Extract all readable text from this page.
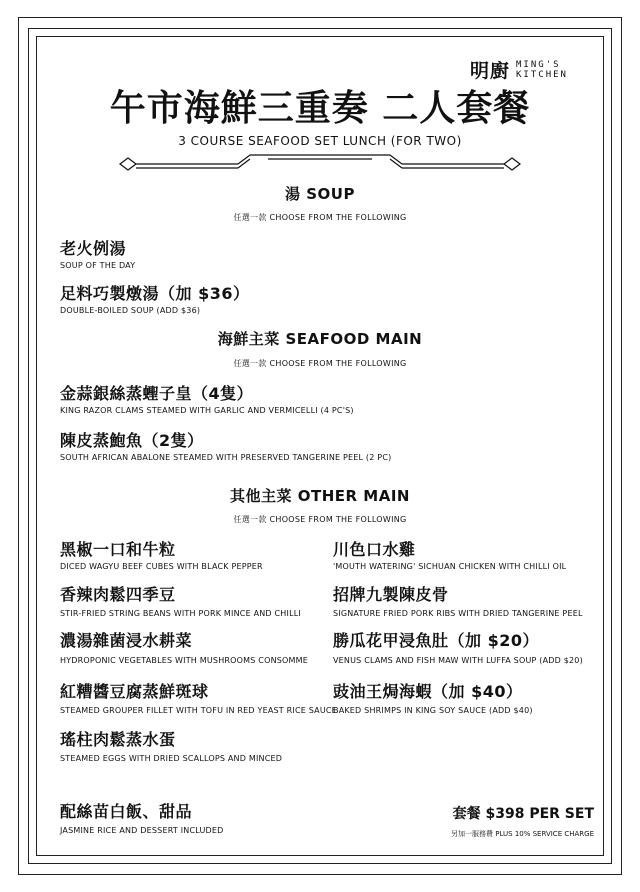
明廚 MING'S
KITCHEN
午市海鮮三重奏 二人套餐
3 COURSE SEAFOOD SET LUNCH (FOR TWO)
湯 SOUP
任選一款 CHOOSE FROM THE FOLLOWING
老火例湯
SOUP OF THE DAY
足料巧製燉湯（加 $36）
DOUBLE-BOILED SOUP (ADD $36)
海鮮主菜 SEAFOOD MAIN
任選一款 CHOOSE FROM THE FOLLOWING
金蒜銀絲蒸蟶子皇（4隻）
KING RAZOR CLAMS STEAMED WITH GARLIC AND VERMICELLI (4 PC'S)
陳皮蒸鮑魚（2隻）
SOUTH AFRICAN ABALONE STEAMED WITH PRESERVED TANGERINE PEEL (2 PC)
其他主菜 OTHER MAIN
任選一款 CHOOSE FROM THE FOLLOWING
黑椒一口和牛粒
DICED WAGYU BEEF CUBES WITH BLACK PEPPER
香辣肉鬆四季豆
STIR-FRIED STRING BEANS WITH PORK MINCE AND CHILLI
濃湯雜菌浸水耕菜
HYDROPONIC VEGETABLES WITH MUSHROOMS CONSOMME
紅糟醬豆腐蒸鮮斑球
STEAMED GROUPER FILLET WITH TOFU IN RED YEAST RICE SAUCE
瑤柱肉鬆蒸水蛋
STEAMED EGGS WITH DRIED SCALLOPS AND MINCED
川色口水雞
'MOUTH WATERING' SICHUAN CHICKEN WITH CHILLI OIL
招牌九製陳皮骨
SIGNATURE FRIED PORK RIBS WITH DRIED TANGERINE PEEL
勝瓜花甲浸魚肚（加 $20）
VENUS CLAMS AND FISH MAW WITH LUFFA SOUP (ADD $20)
豉油王焗海蝦（加 $40）
BAKED SHRIMPS IN KING SOY SAUCE (ADD $40)
配絲苗白飯、甜品
JASMINE RICE AND DESSERT INCLUDED
套餐 $398 PER SET
另加一服務費 PLUS 10% SERVICE CHARGE
